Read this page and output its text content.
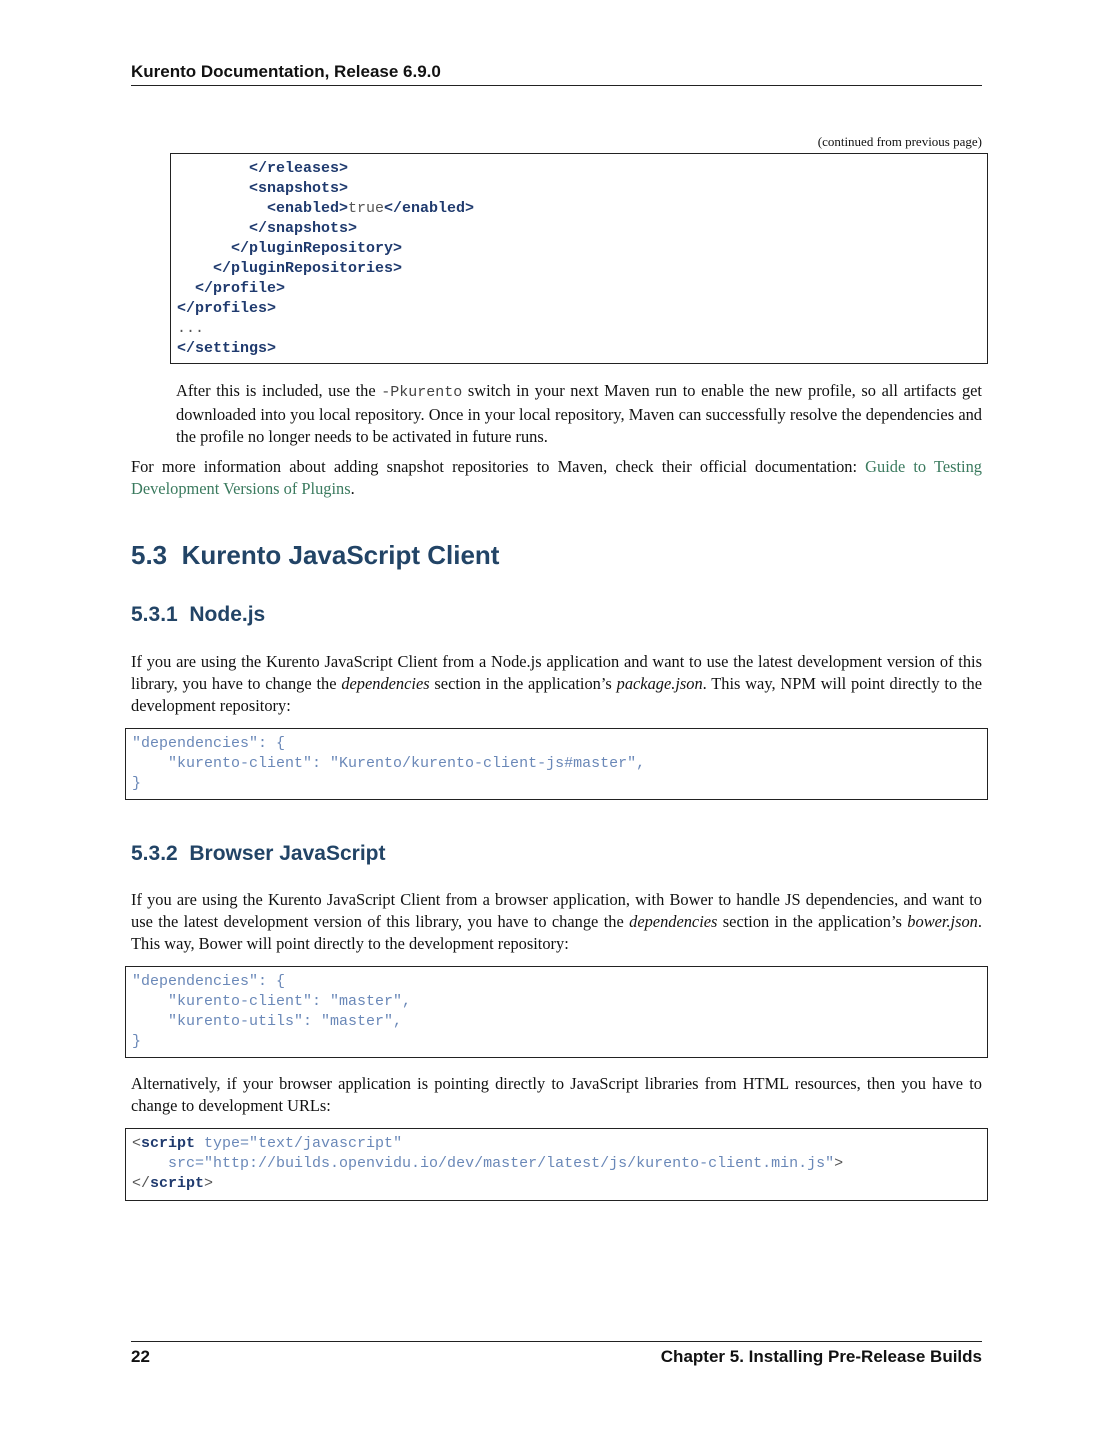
Kurento Documentation, Release 6.9.0
(continued from previous page)
</releases>
<snapshots>
<enabled>true</enabled>
</snapshots>
</pluginRepository>
</pluginRepositories>
</profile>
</profiles>
...
</settings>
After this is included, use the -Pkurento switch in your next Maven run to enable the new profile, so all artifacts get downloaded into you local repository. Once in your local repository, Maven can successfully resolve the dependencies and the profile no longer needs to be activated in future runs.
For more information about adding snapshot repositories to Maven, check their official documentation: Guide to Testing Development Versions of Plugins.
5.3 Kurento JavaScript Client
5.3.1 Node.js
If you are using the Kurento JavaScript Client from a Node.js application and want to use the latest development version of this library, you have to change the dependencies section in the application’s package.json. This way, NPM will point directly to the development repository:
"dependencies": {
"kurento-client": "Kurento/kurento-client-js#master",
}
5.3.2 Browser JavaScript
If you are using the Kurento JavaScript Client from a browser application, with Bower to handle JS dependencies, and want to use the latest development version of this library, you have to change the dependencies section in the application’s bower.json. This way, Bower will point directly to the development repository:
"dependencies": {
"kurento-client": "master",
"kurento-utils": "master",
}
Alternatively, if your browser application is pointing directly to JavaScript libraries from HTML resources, then you have to change to development URLs:
<script type="text/javascript"
src="http://builds.openvidu.io/dev/master/latest/js/kurento-client.min.js">
</script>
22	Chapter 5. Installing Pre-Release Builds
